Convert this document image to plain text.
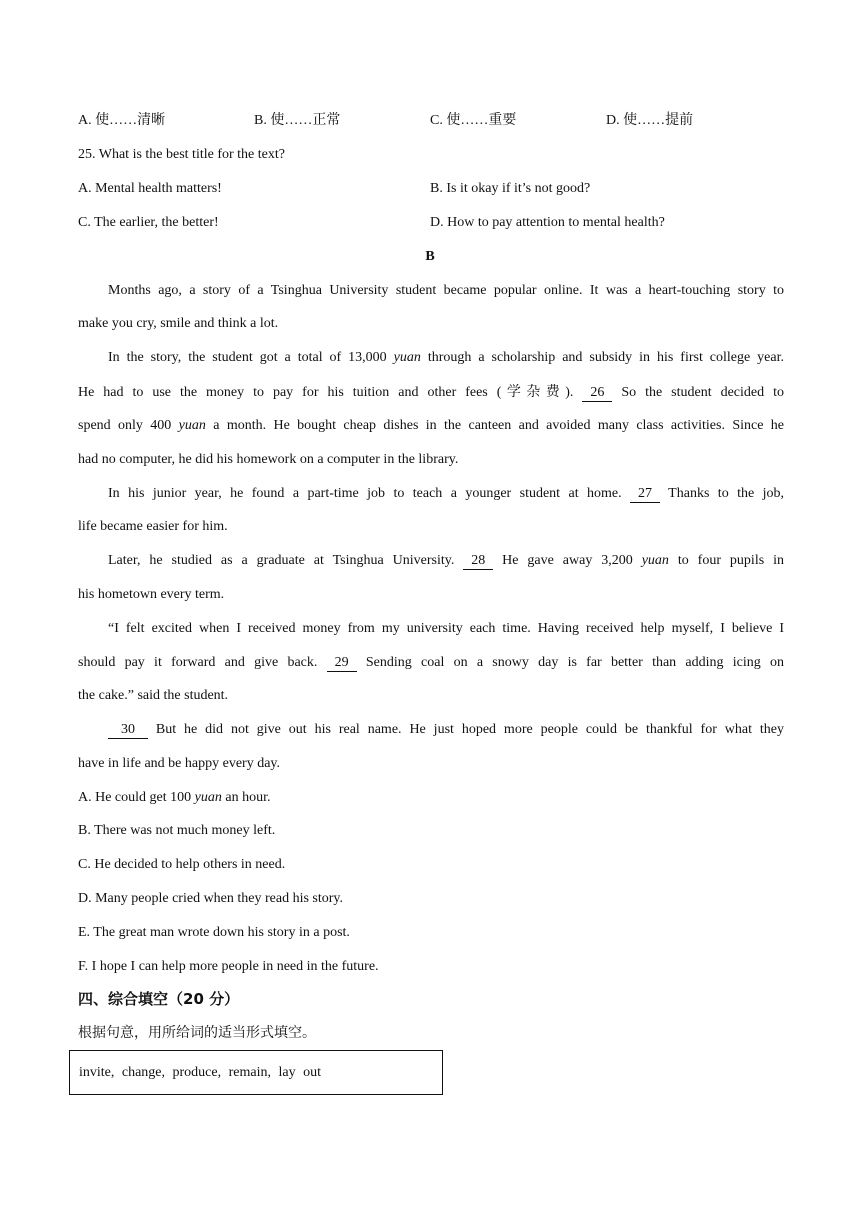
A. 使……清晰	B. 使……正常	C. 使……重要	D. 使……提前
25. What is the best title for the text?
A. Mental health matters!	B. Is it okay if it’s not good?
C. The earlier, the better!	D. How to pay attention to mental health?
B
Months ago, a story of a Tsinghua University student became popular online. It was a heart-touching story to
make you cry, smile and think a lot.
In the story, the student got a total of 13,000 yuan through a scholarship and subsidy in his first college year.
He had to use the money to pay for his tuition and other fees (学杂费). 26 So the student decided to
spend only 400 yuan a month. He bought cheap dishes in the canteen and avoided many class activities. Since he
had no computer, he did his homework on a computer in the library.
In his junior year, he found a part-time job to teach a younger student at home. 27 Thanks to the job,
life became easier for him.
Later, he studied as a graduate at Tsinghua University. 28 He gave away 3,200 yuan to four pupils in
his hometown every term.
“I felt excited when I received money from my university each time. Having received help myself, I believe I
should pay it forward and give back. 29 Sending coal on a snowy day is far better than adding icing on
the cake.” said the student.
30 But he did not give out his real name. He just hoped more people could be thankful for what they
have in life and be happy every day.
A. He could get 100 yuan an hour.
B. There was not much money left.
C. He decided to help others in need.
D. Many people cried when they read his story.
E. The great man wrote down his story in a post.
F. I hope I can help more people in need in the future.
四、综合填空（20 分）
根据句意，用所给词的适当形式填空。
invite, change, produce, remain, lay out
